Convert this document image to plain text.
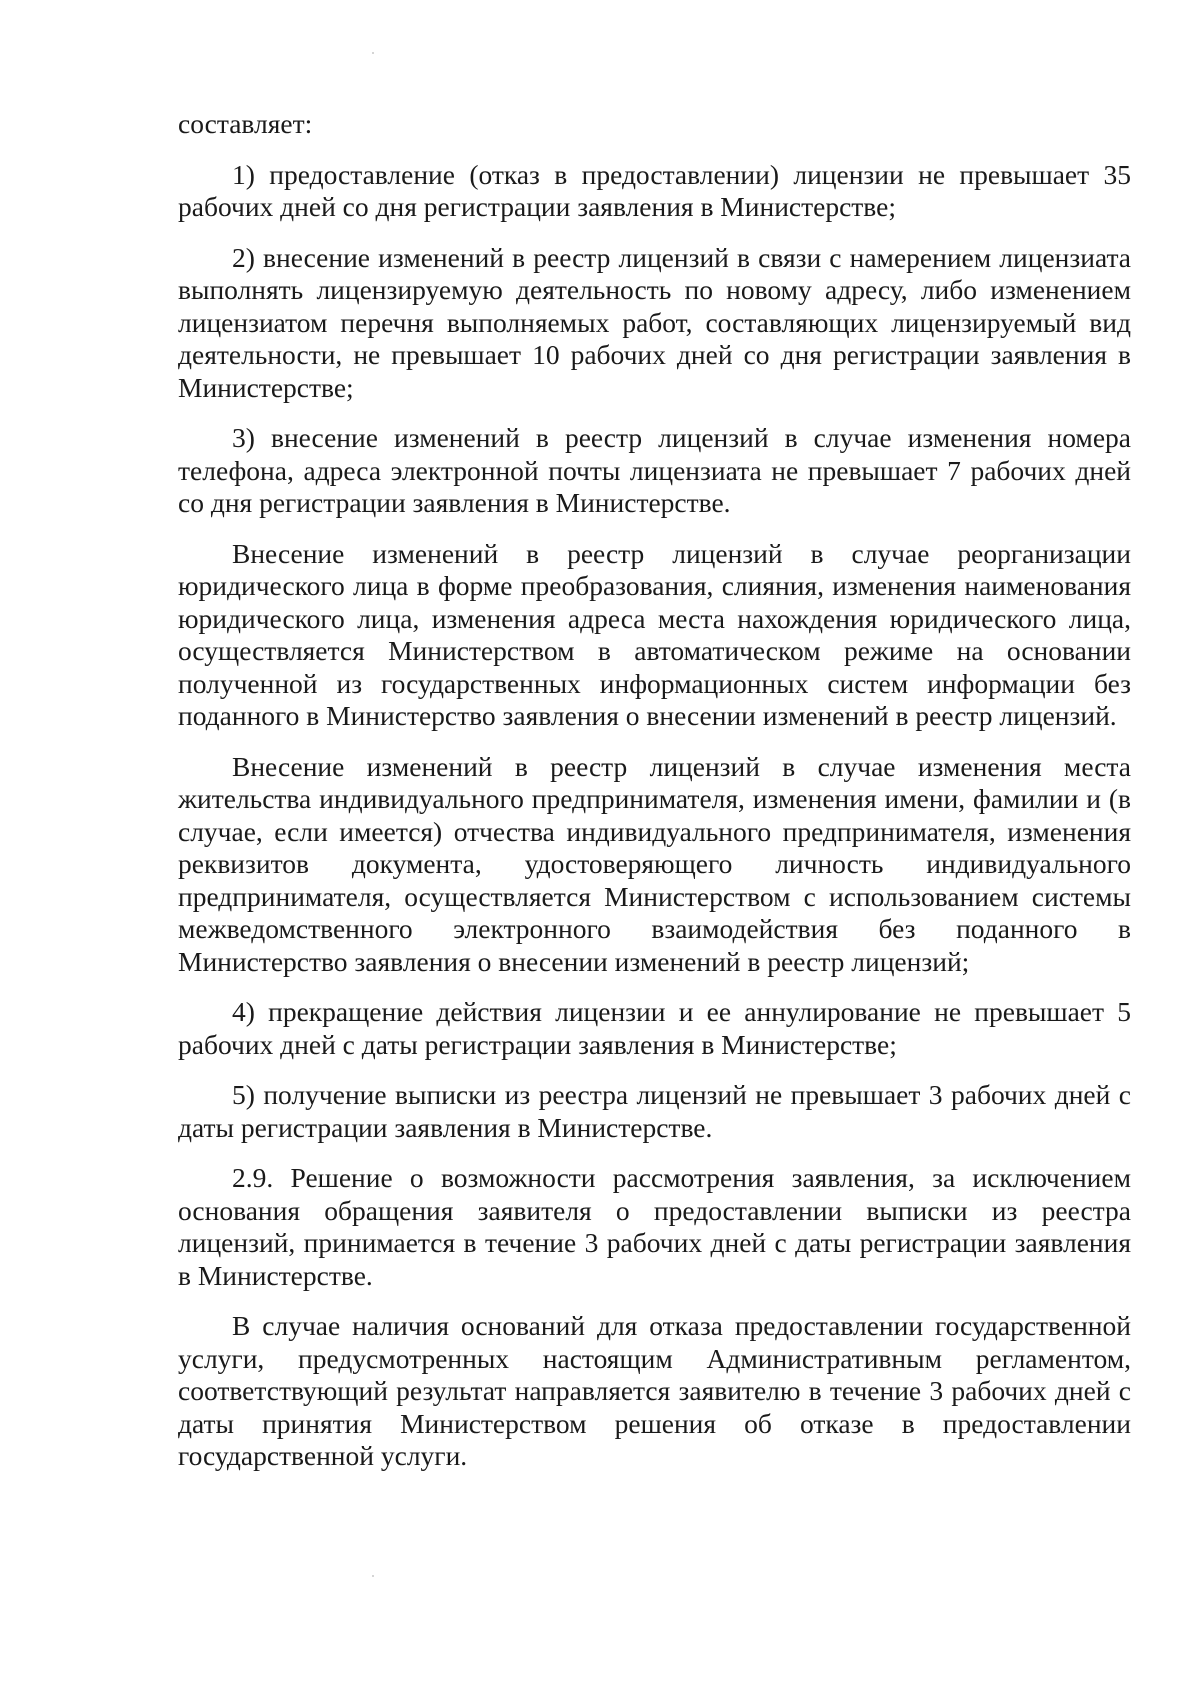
составляет:

1) предоставление (отказ в предоставлении) лицензии не превышает 35 рабочих дней со дня регистрации заявления в Министерстве;

2) внесение изменений в реестр лицензий в связи с намерением лицензиата выполнять лицензируемую деятельность по новому адресу, либо изменением лицензиатом перечня выполняемых работ, составляющих лицензируемый вид деятельности, не превышает 10 рабочих дней со дня регистрации заявления в Министерстве;

3) внесение изменений в реестр лицензий в случае изменения номера телефона, адреса электронной почты лицензиата не превышает 7 рабочих дней со дня регистрации заявления в Министерстве.

Внесение изменений в реестр лицензий в случае реорганизации юридического лица в форме преобразования, слияния, изменения наименования юридического лица, изменения адреса места нахождения юридического лица, осуществляется Министерством в автоматическом режиме на основании полученной из государственных информационных систем информации без поданного в Министерство заявления о внесении изменений в реестр лицензий.

Внесение изменений в реестр лицензий в случае изменения места жительства индивидуального предпринимателя, изменения имени, фамилии и (в случае, если имеется) отчества индивидуального предпринимателя, изменения реквизитов документа, удостоверяющего личность индивидуального предпринимателя, осуществляется Министерством с использованием системы межведомственного электронного взаимодействия без поданного в Министерство заявления о внесении изменений в реестр лицензий;

4) прекращение действия лицензии и ее аннулирование не превышает 5 рабочих дней с даты регистрации заявления в Министерстве;

5) получение выписки из реестра лицензий не превышает 3 рабочих дней с даты регистрации заявления в Министерстве.

2.9. Решение о возможности рассмотрения заявления, за исключением основания обращения заявителя о предоставлении выписки из реестра лицензий, принимается в течение 3 рабочих дней с даты регистрации заявления в Министерстве.

В случае наличия оснований для отказа предоставлении государственной услуги, предусмотренных настоящим Административным регламентом, соответствующий результат направляется заявителю в течение 3 рабочих дней с даты принятия Министерством решения об отказе в предоставлении государственной услуги.
